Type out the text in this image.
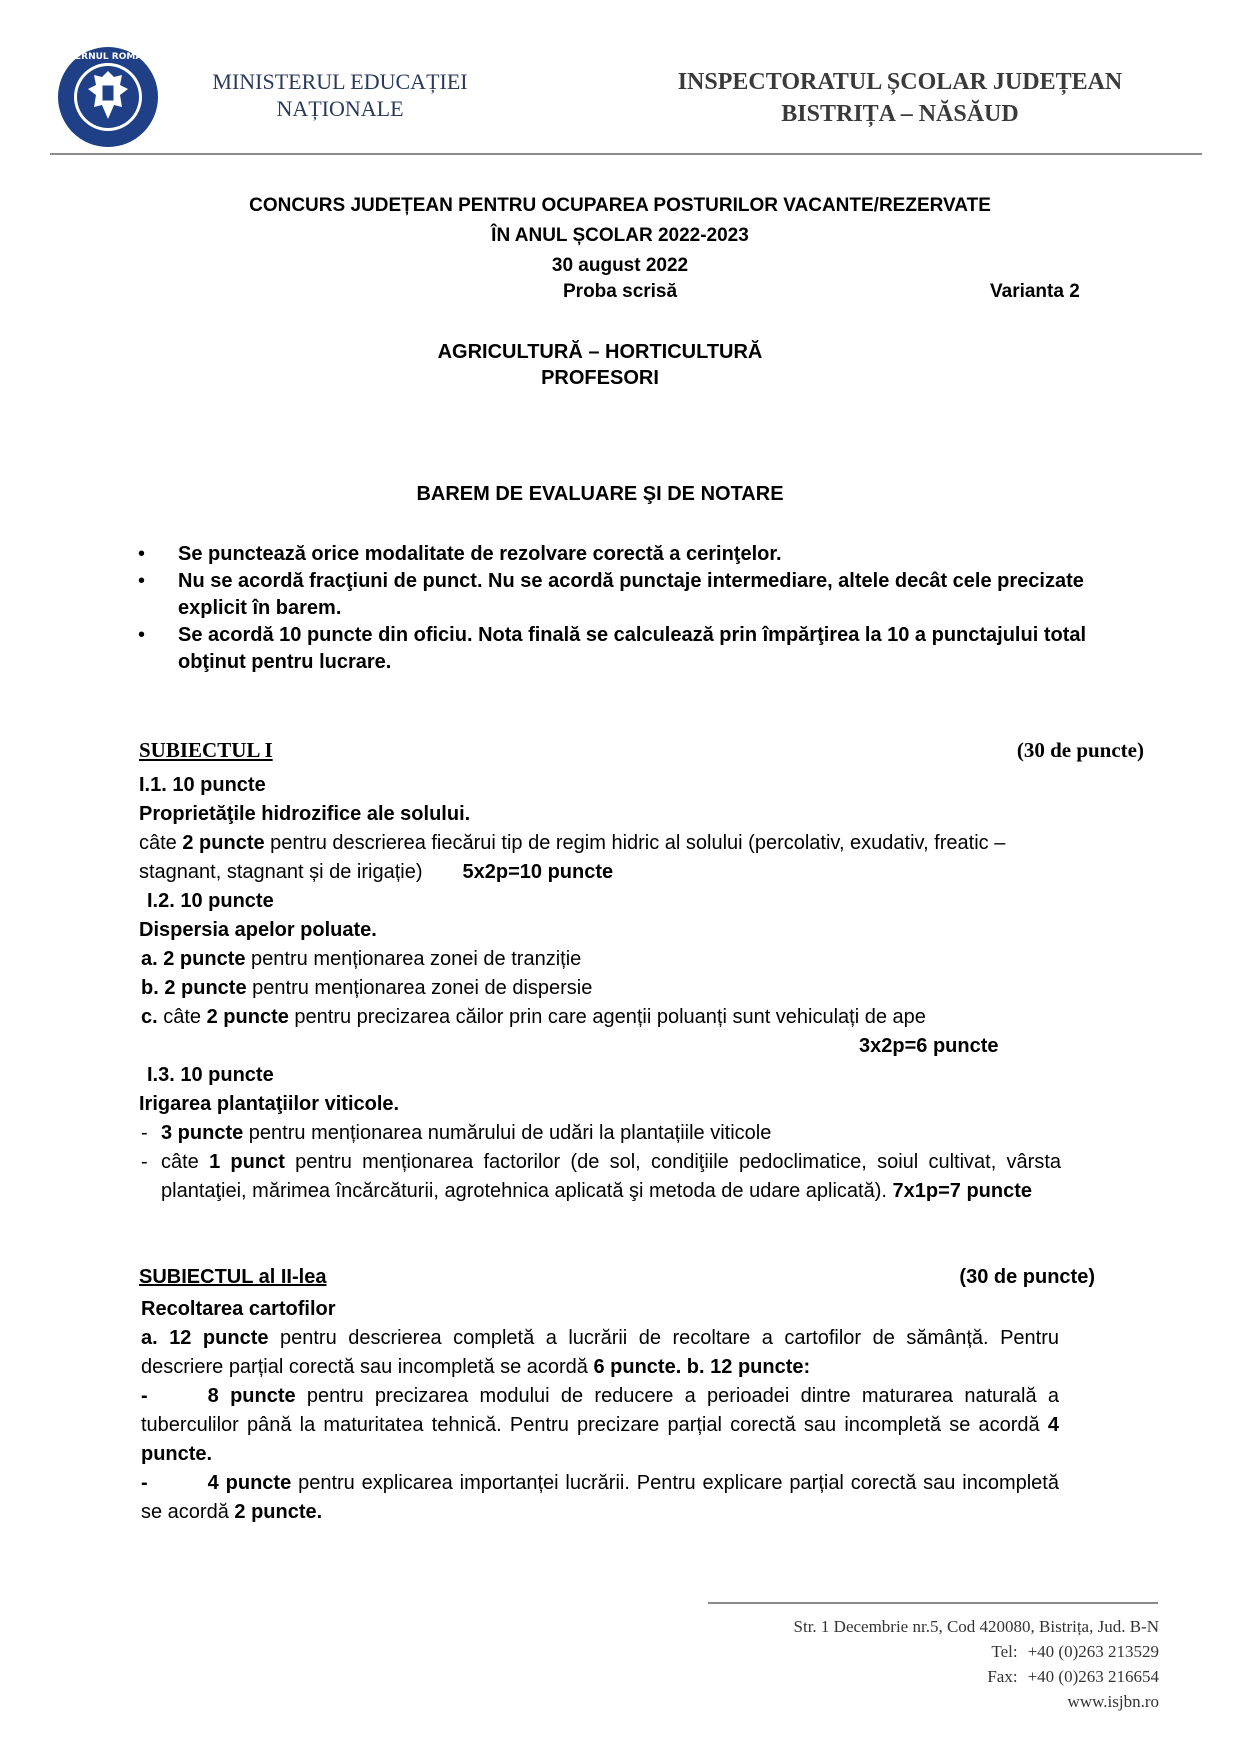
GUVERNUL ROMÂNIEI
MINISTERUL EDUCAȚIEI
NAȚIONALE
INSPECTORATUL ȘCOLAR JUDEȚEAN
BISTRIȚA – NĂSĂUD
CONCURS JUDEȚEAN PENTRU OCUPAREA POSTURILOR VACANTE/REZERVATE
ÎN ANUL ȘCOLAR 2022-2023
30 august 2022
Proba scrisă	Varianta 2
AGRICULTURĂ – HORTICULTURĂ
PROFESORI
BAREM DE EVALUARE ŞI DE NOTARE
• Se punctează orice modalitate de rezolvare corectă a cerinţelor.
• Nu se acordă fracţiuni de punct. Nu se acordă punctaje intermediare, altele decât cele precizate explicit în barem.
• Se acordă 10 puncte din oficiu. Nota finală se calculează prin împărţirea la 10 a punctajului total obţinut pentru lucrare.
SUBIECTUL I	(30 de puncte)
I.1. 10 puncte
Proprietăţile hidrozifice ale solului.
câte 2 puncte pentru descrierea fiecărui tip de regim hidric al solului (percolativ, exudativ, freatic – stagnant, stagnant și de irigație) 5x2p=10 puncte
I.2. 10 puncte
Dispersia apelor poluate.
a. 2 puncte pentru menționarea zonei de tranziție
b. 2 puncte pentru menționarea zonei de dispersie
c. câte 2 puncte pentru precizarea căilor prin care agenții poluanți sunt vehiculați de ape
3x2p=6 puncte
I.3. 10 puncte
Irigarea plantaţiilor viticole.
- 3 puncte pentru menționarea numărului de udări la plantațiile viticole
- câte 1 punct pentru menționarea factorilor (de sol, condiţiile pedoclimatice, soiul cultivat, vârsta plantaţiei, mărimea încărcăturii, agrotehnica aplicată şi metoda de udare aplicată). 7x1p=7 puncte
SUBIECTUL al II-lea	(30 de puncte)
Recoltarea cartofilor
a. 12 puncte pentru descrierea completă a lucrării de recoltare a cartofilor de sămânță. Pentru descriere parțial corectă sau incompletă se acordă 6 puncte. b. 12 puncte:
-	8 puncte pentru precizarea modului de reducere a perioadei dintre maturarea naturală a tuberculilor până la maturitatea tehnică. Pentru precizare parțial corectă sau incompletă se acordă 4 puncte.
-	4 puncte pentru explicarea importanței lucrării. Pentru explicare parțial corectă sau incompletă se acordă 2 puncte.
Str. 1 Decembrie nr.5, Cod 420080, Bistrița, Jud. B-N
Tel: +40 (0)263 213529
Fax: +40 (0)263 216654
www.isjbn.ro
